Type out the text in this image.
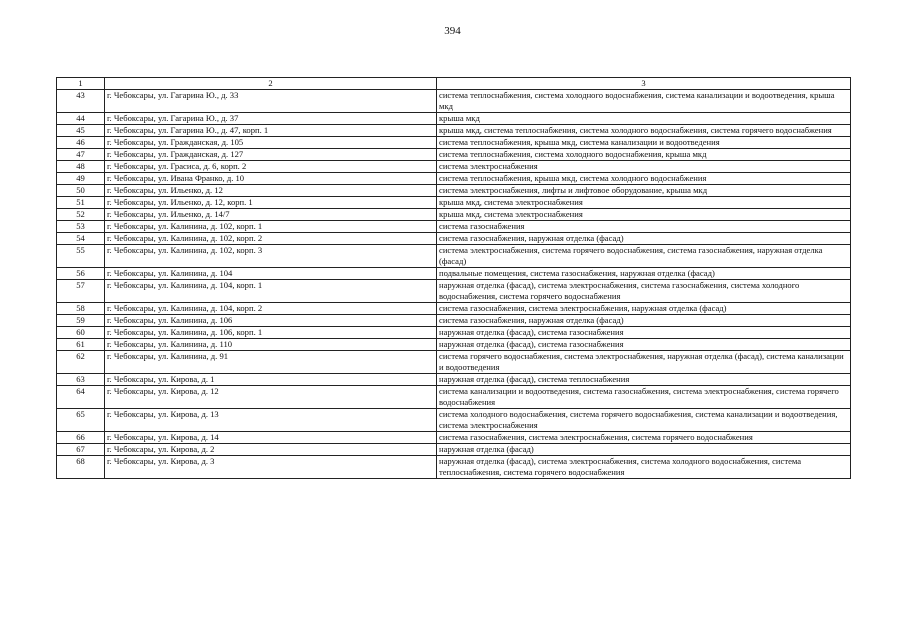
394
1	2	3
43	г. Чебоксары, ул. Гагарина Ю., д. 33	система теплоснабжения, система холодного водоснабжения, система канализации и водоотведения, крыша мкд
44	г. Чебоксары, ул. Гагарина Ю., д. 37	крыша мкд
45	г. Чебоксары, ул. Гагарина Ю., д. 47, корп. 1	крыша мкд, система теплоснабжения, система холодного водоснабжения, система горячего водоснабжения
46	г. Чебоксары, ул. Гражданская, д. 105	система теплоснабжения, крыша мкд, система канализации и водоотведения
47	г. Чебоксары, ул. Гражданская, д. 127	система теплоснабжения, система холодного водоснабжения, крыша мкд
48	г. Чебоксары, ул. Грасиса, д. 6, корп. 2	система электроснабжения
49	г. Чебоксары, ул. Ивана Франко, д. 10	система теплоснабжения, крыша мкд, система холодного водоснабжения
50	г. Чебоксары, ул. Ильенко, д. 12	система электроснабжения, лифты и лифтовое оборудование, крыша мкд
51	г. Чебоксары, ул. Ильенко, д. 12, корп. 1	крыша мкд, система электроснабжения
52	г. Чебоксары, ул. Ильенко, д. 14/7	крыша мкд, система электроснабжения
53	г. Чебоксары, ул. Калинина, д. 102, корп. 1	система газоснабжения
54	г. Чебоксары, ул. Калинина, д. 102, корп. 2	система газоснабжения, наружная отделка (фасад)
55	г. Чебоксары, ул. Калинина, д. 102, корп. 3	система электроснабжения, система горячего водоснабжения, система газоснабжения, наружная отделка (фасад)
56	г. Чебоксары, ул. Калинина, д. 104	подвальные помещения, система газоснабжения, наружная отделка (фасад)
57	г. Чебоксары, ул. Калинина, д. 104, корп. 1	наружная отделка (фасад), система электроснабжения, система газоснабжения, система холодного водоснабжения, система горячего водоснабжения
58	г. Чебоксары, ул. Калинина, д. 104, корп. 2	система газоснабжения, система электроснабжения, наружная отделка (фасад)
59	г. Чебоксары, ул. Калинина, д. 106	система газоснабжения, наружная отделка (фасад)
60	г. Чебоксары, ул. Калинина, д. 106, корп. 1	наружная отделка (фасад), система газоснабжения
61	г. Чебоксары, ул. Калинина, д. 110	наружная отделка (фасад), система газоснабжения
62	г. Чебоксары, ул. Калинина, д. 91	система горячего водоснабжения, система электроснабжения, наружная отделка (фасад), система канализации и водоотведения
63	г. Чебоксары, ул. Кирова, д. 1	наружная отделка (фасад), система теплоснабжения
64	г. Чебоксары, ул. Кирова, д. 12	система канализации и водоотведения, система газоснабжения, система электроснабжения, система горячего водоснабжения
65	г. Чебоксары, ул. Кирова, д. 13	система холодного водоснабжения, система горячего водоснабжения, система канализации и водоотведения, система электроснабжения
66	г. Чебоксары, ул. Кирова, д. 14	система газоснабжения, система электроснабжения, система горячего водоснабжения
67	г. Чебоксары, ул. Кирова, д. 2	наружная отделка (фасад)
68	г. Чебоксары, ул. Кирова, д. 3	наружная отделка (фасад), система электроснабжения, система холодного водоснабжения, система теплоснабжения, система горячего водоснабжения
